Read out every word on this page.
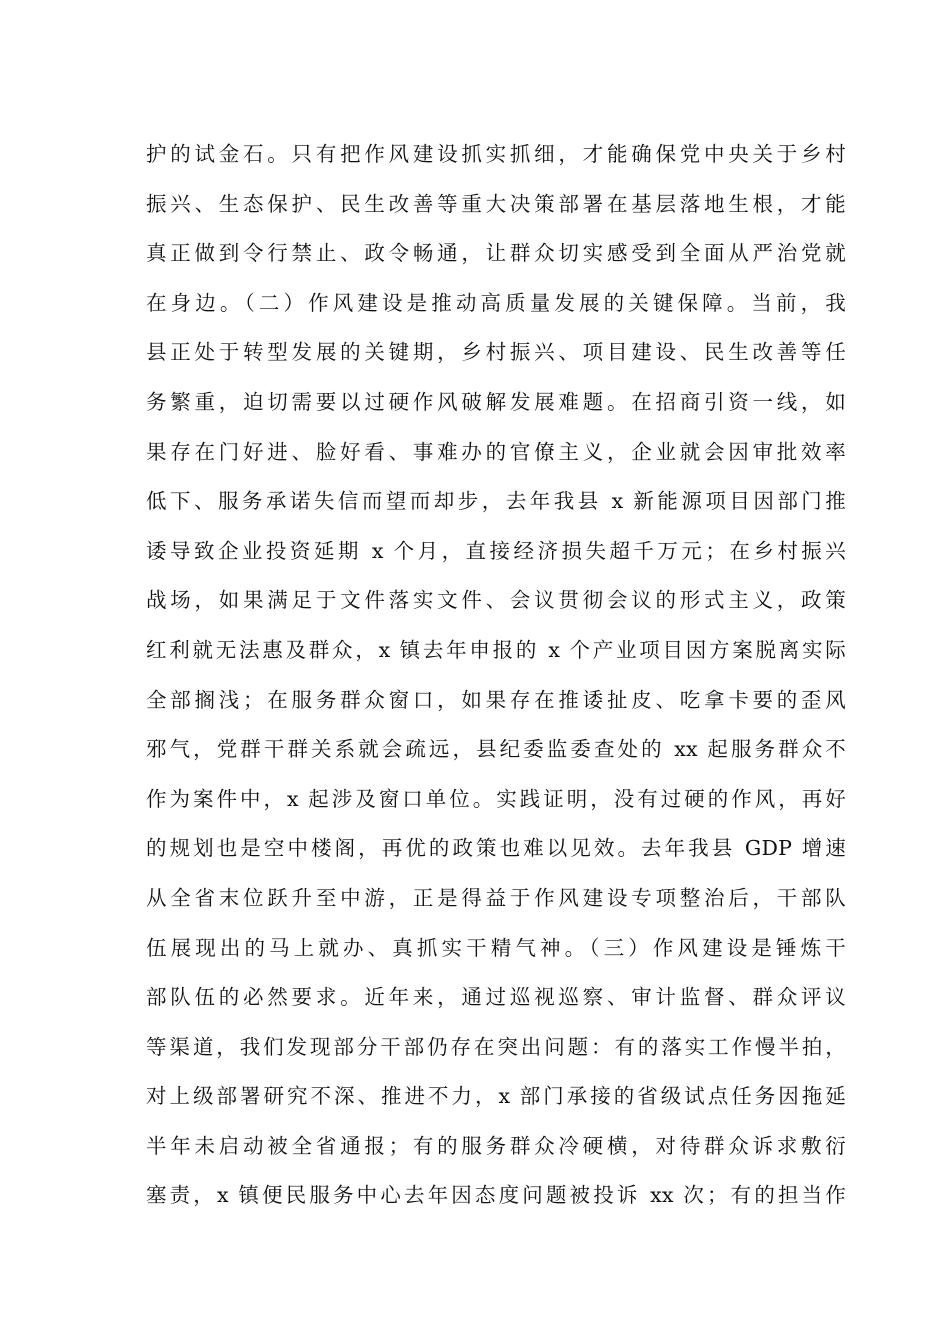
护的试金石。只有把作风建设抓实抓细，才能确保党中央关于乡村
振兴、生态保护、民生改善等重大决策部署在基层落地生根，才能
真正做到令行禁止、政令畅通，让群众切实感受到全面从严治党就
在身边。（二）作风建设是推动高质量发展的关键保障。当前，我
县正处于转型发展的关键期，乡村振兴、项目建设、民生改善等任
务繁重，迫切需要以过硬作风破解发展难题。在招商引资一线，如
果存在门好进、脸好看、事难办的官僚主义，企业就会因审批效率
低下、服务承诺失信而望而却步，去年我县 x 新能源项目因部门推
诿导致企业投资延期 x 个月，直接经济损失超千万元；在乡村振兴
战场，如果满足于文件落实文件、会议贯彻会议的形式主义，政策
红利就无法惠及群众，x 镇去年申报的 x 个产业项目因方案脱离实际
全部搁浅；在服务群众窗口，如果存在推诿扯皮、吃拿卡要的歪风
邪气，党群干群关系就会疏远，县纪委监委查处的 xx 起服务群众不
作为案件中，x 起涉及窗口单位。实践证明，没有过硬的作风，再好
的规划也是空中楼阁，再优的政策也难以见效。去年我县 GDP 增速
从全省末位跃升至中游，正是得益于作风建设专项整治后，干部队
伍展现出的马上就办、真抓实干精气神。（三）作风建设是锤炼干
部队伍的必然要求。近年来，通过巡视巡察、审计监督、群众评议
等渠道，我们发现部分干部仍存在突出问题：有的落实工作慢半拍，
对上级部署研究不深、推进不力，x 部门承接的省级试点任务因拖延
半年未启动被全省通报；有的服务群众冷硬横，对待群众诉求敷衍
塞责，x 镇便民服务中心去年因态度问题被投诉 xx 次；有的担当作
